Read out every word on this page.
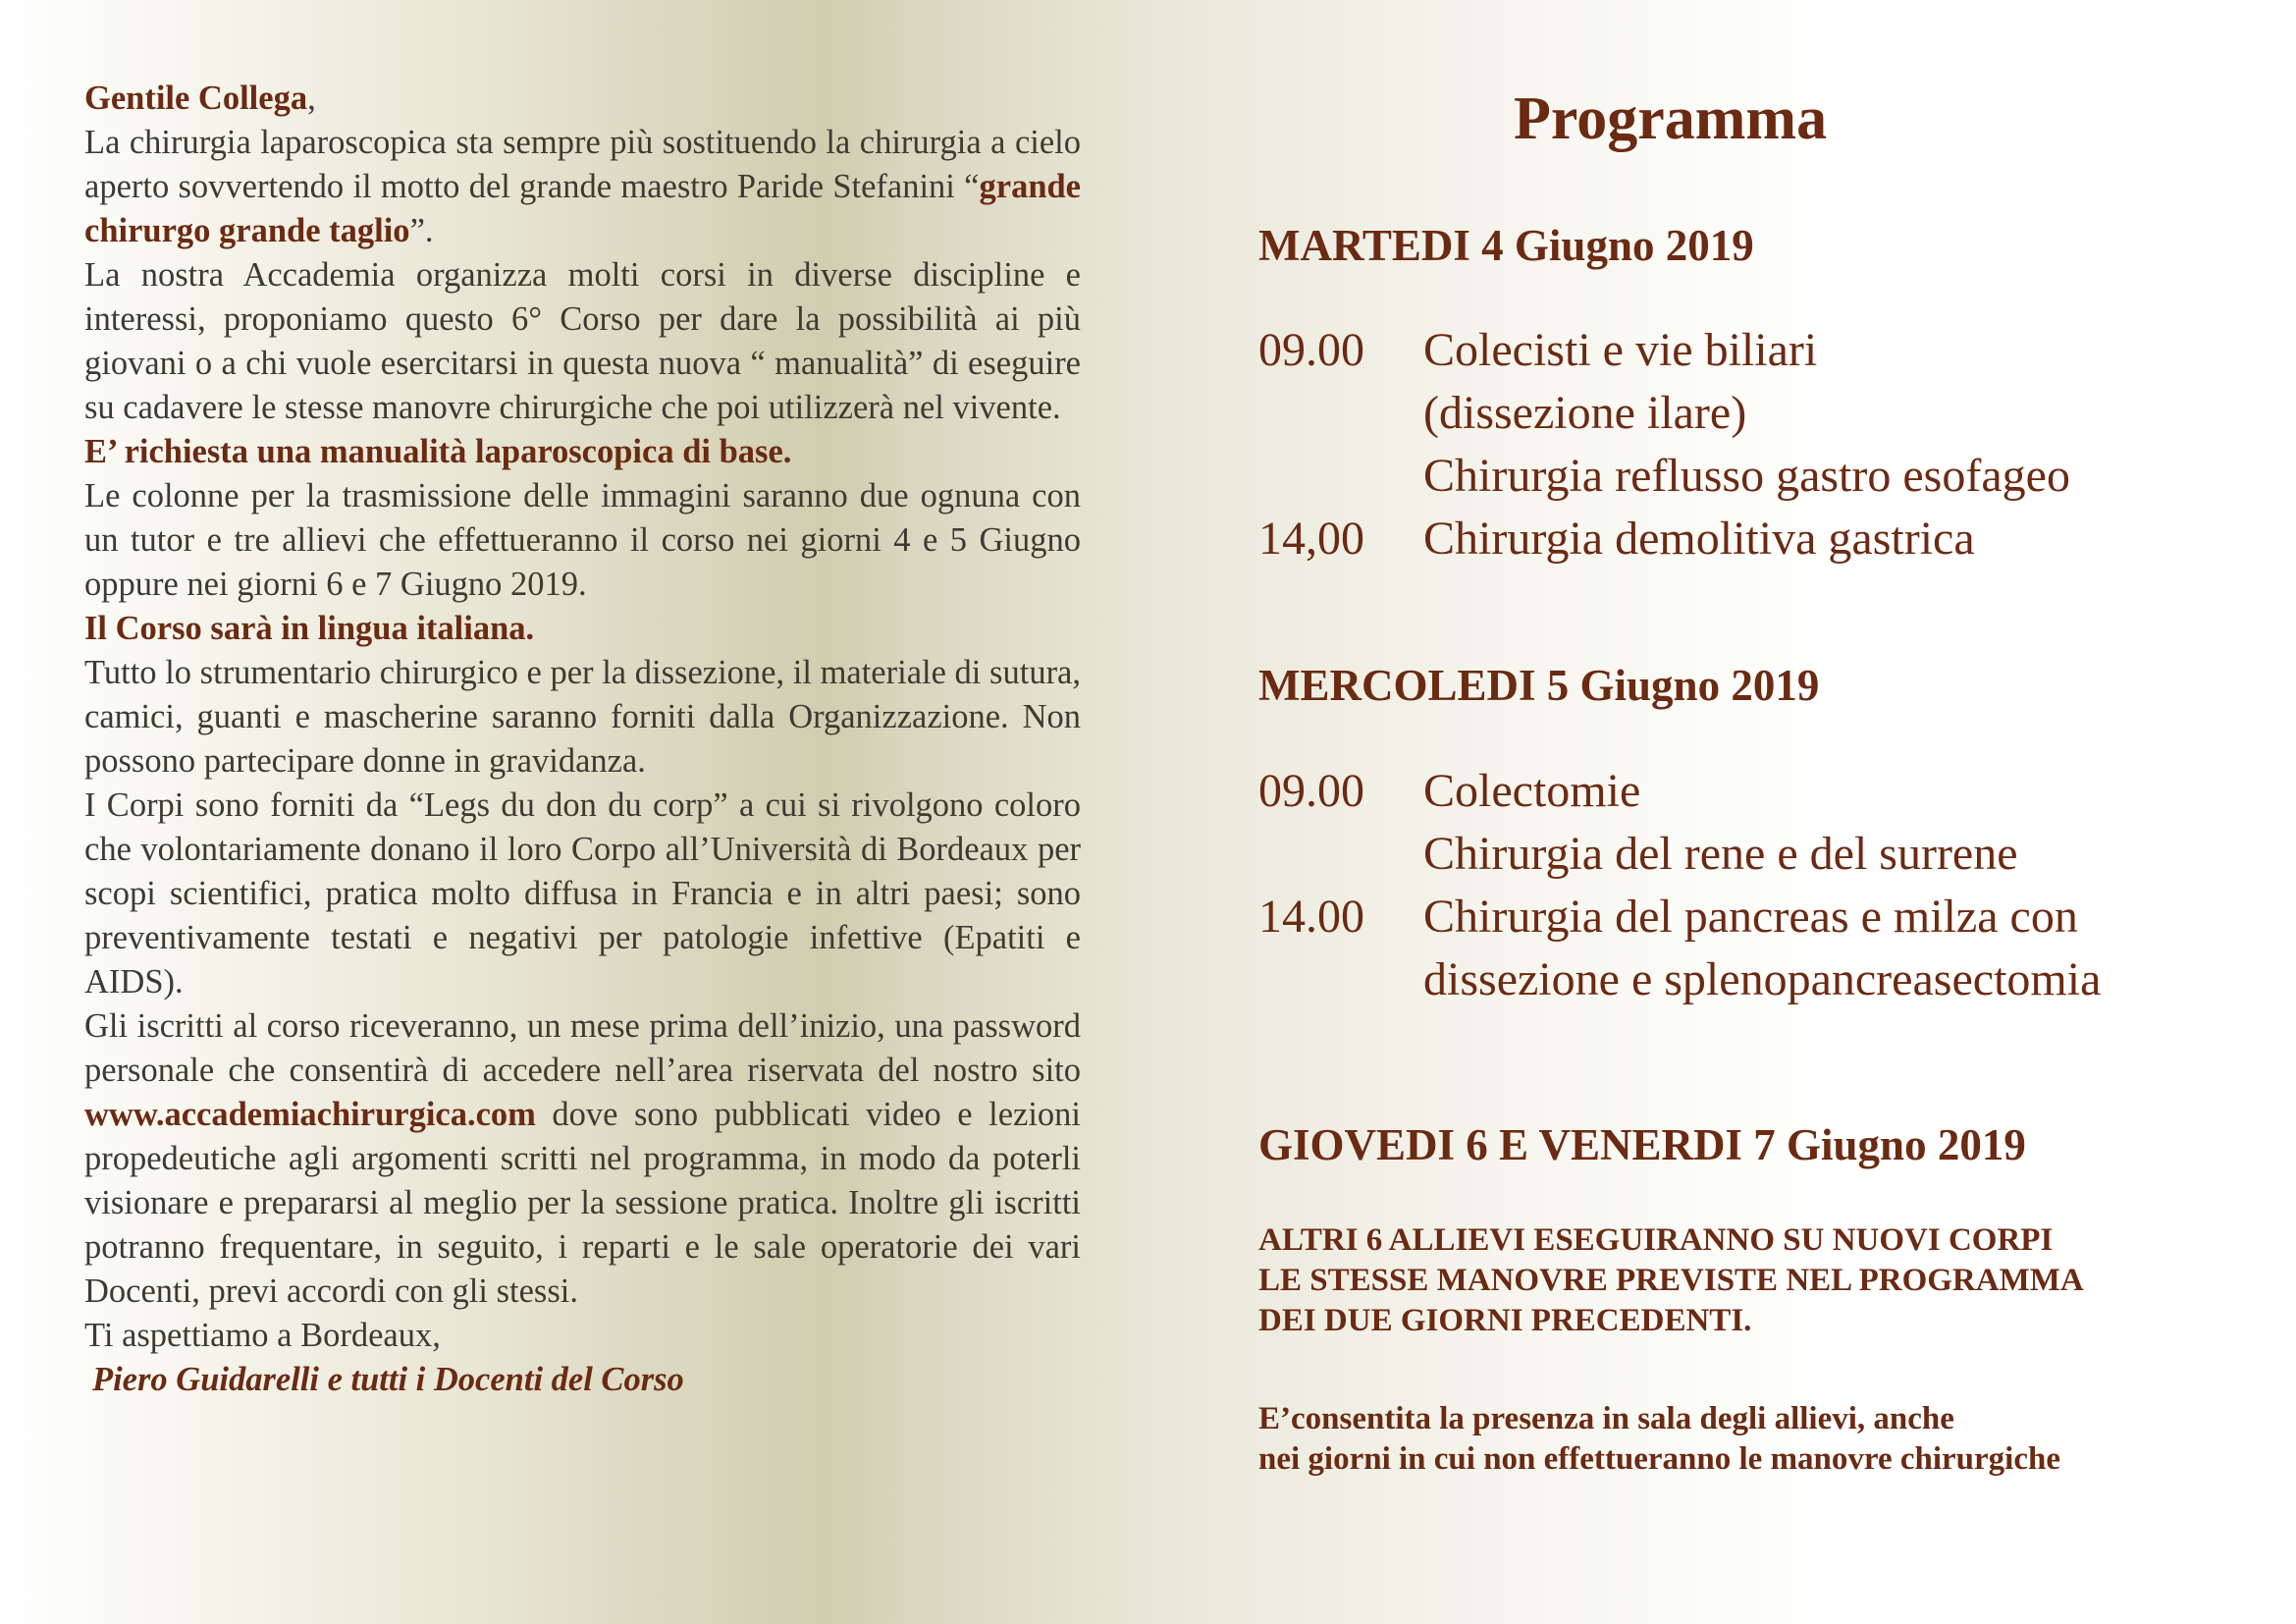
Gentile Collega,

La chirurgia laparoscopica sta sempre più sostituendo la chirurgia a cielo aperto sovvertendo il motto del grande maestro Paride Stefanini “grande chirurgo grande taglio”.

La nostra Accademia organizza molti corsi in diverse discipline e interessi, proponiamo questo 6° Corso per dare la possibilità ai più giovani o a chi vuole esercitarsi in questa nuova “ manualità” di eseguire su cadavere le stesse manovre chirurgiche che poi utilizzerà nel vivente.

E’ richiesta una manualità laparoscopica di base.

Le colonne per la trasmissione delle immagini saranno due ognuna con un tutor e tre allievi che effettueranno il corso nei giorni 4 e 5 Giugno oppure nei giorni 6 e 7 Giugno 2019.

Il Corso sarà in lingua italiana.

Tutto lo strumentario chirurgico e per la dissezione, il materiale di sutura, camici, guanti e mascherine saranno forniti dalla Organizzazione. Non possono partecipare donne in gravidanza.

I Corpi sono forniti da “Legs du don du corp” a cui si rivolgono coloro che volontariamente donano il loro Corpo all’Università di Bordeaux per scopi scientifici, pratica molto diffusa in Francia e in altri paesi; sono preventivamente testati e negativi per patologie infettive (Epatiti e AIDS).

Gli iscritti al corso riceveranno, un mese prima dell’inizio, una password personale che consentirà di accedere nell’area riservata del nostro sito www.accademiachirurgica.com dove sono pubblicati video e lezioni propedeutiche agli argomenti scritti nel programma, in modo da poterli visionare e prepararsi al meglio per la sessione pratica. Inoltre gli iscritti potranno frequentare, in seguito, i reparti e le sale operatorie dei vari Docenti, previ accordi con gli stessi.

Ti aspettiamo a Bordeaux,

Piero Guidarelli e tutti i Docenti del Corso

Programma
MARTEDI 4 Giugno 2019
09.00	Colecisti e vie biliari
(dissezione ilare)
Chirurgia reflusso gastro esofageo
14,00	Chirurgia demolitiva gastrica
MERCOLEDI 5 Giugno 2019
09.00	Colectomie
Chirurgia del rene e del surrene
14.00	Chirurgia del pancreas e milza con
dissezione e splenopancreasectomia
GIOVEDI 6 E VENERDI 7 Giugno 2019
ALTRI 6 ALLIEVI ESEGUIRANNO SU NUOVI CORPI
LE STESSE MANOVRE PREVISTE NEL PROGRAMMA
DEI DUE GIORNI PRECEDENTI.
E’consentita la presenza in sala degli allievi, anche
nei giorni in cui non effettueranno le manovre chirurgiche
